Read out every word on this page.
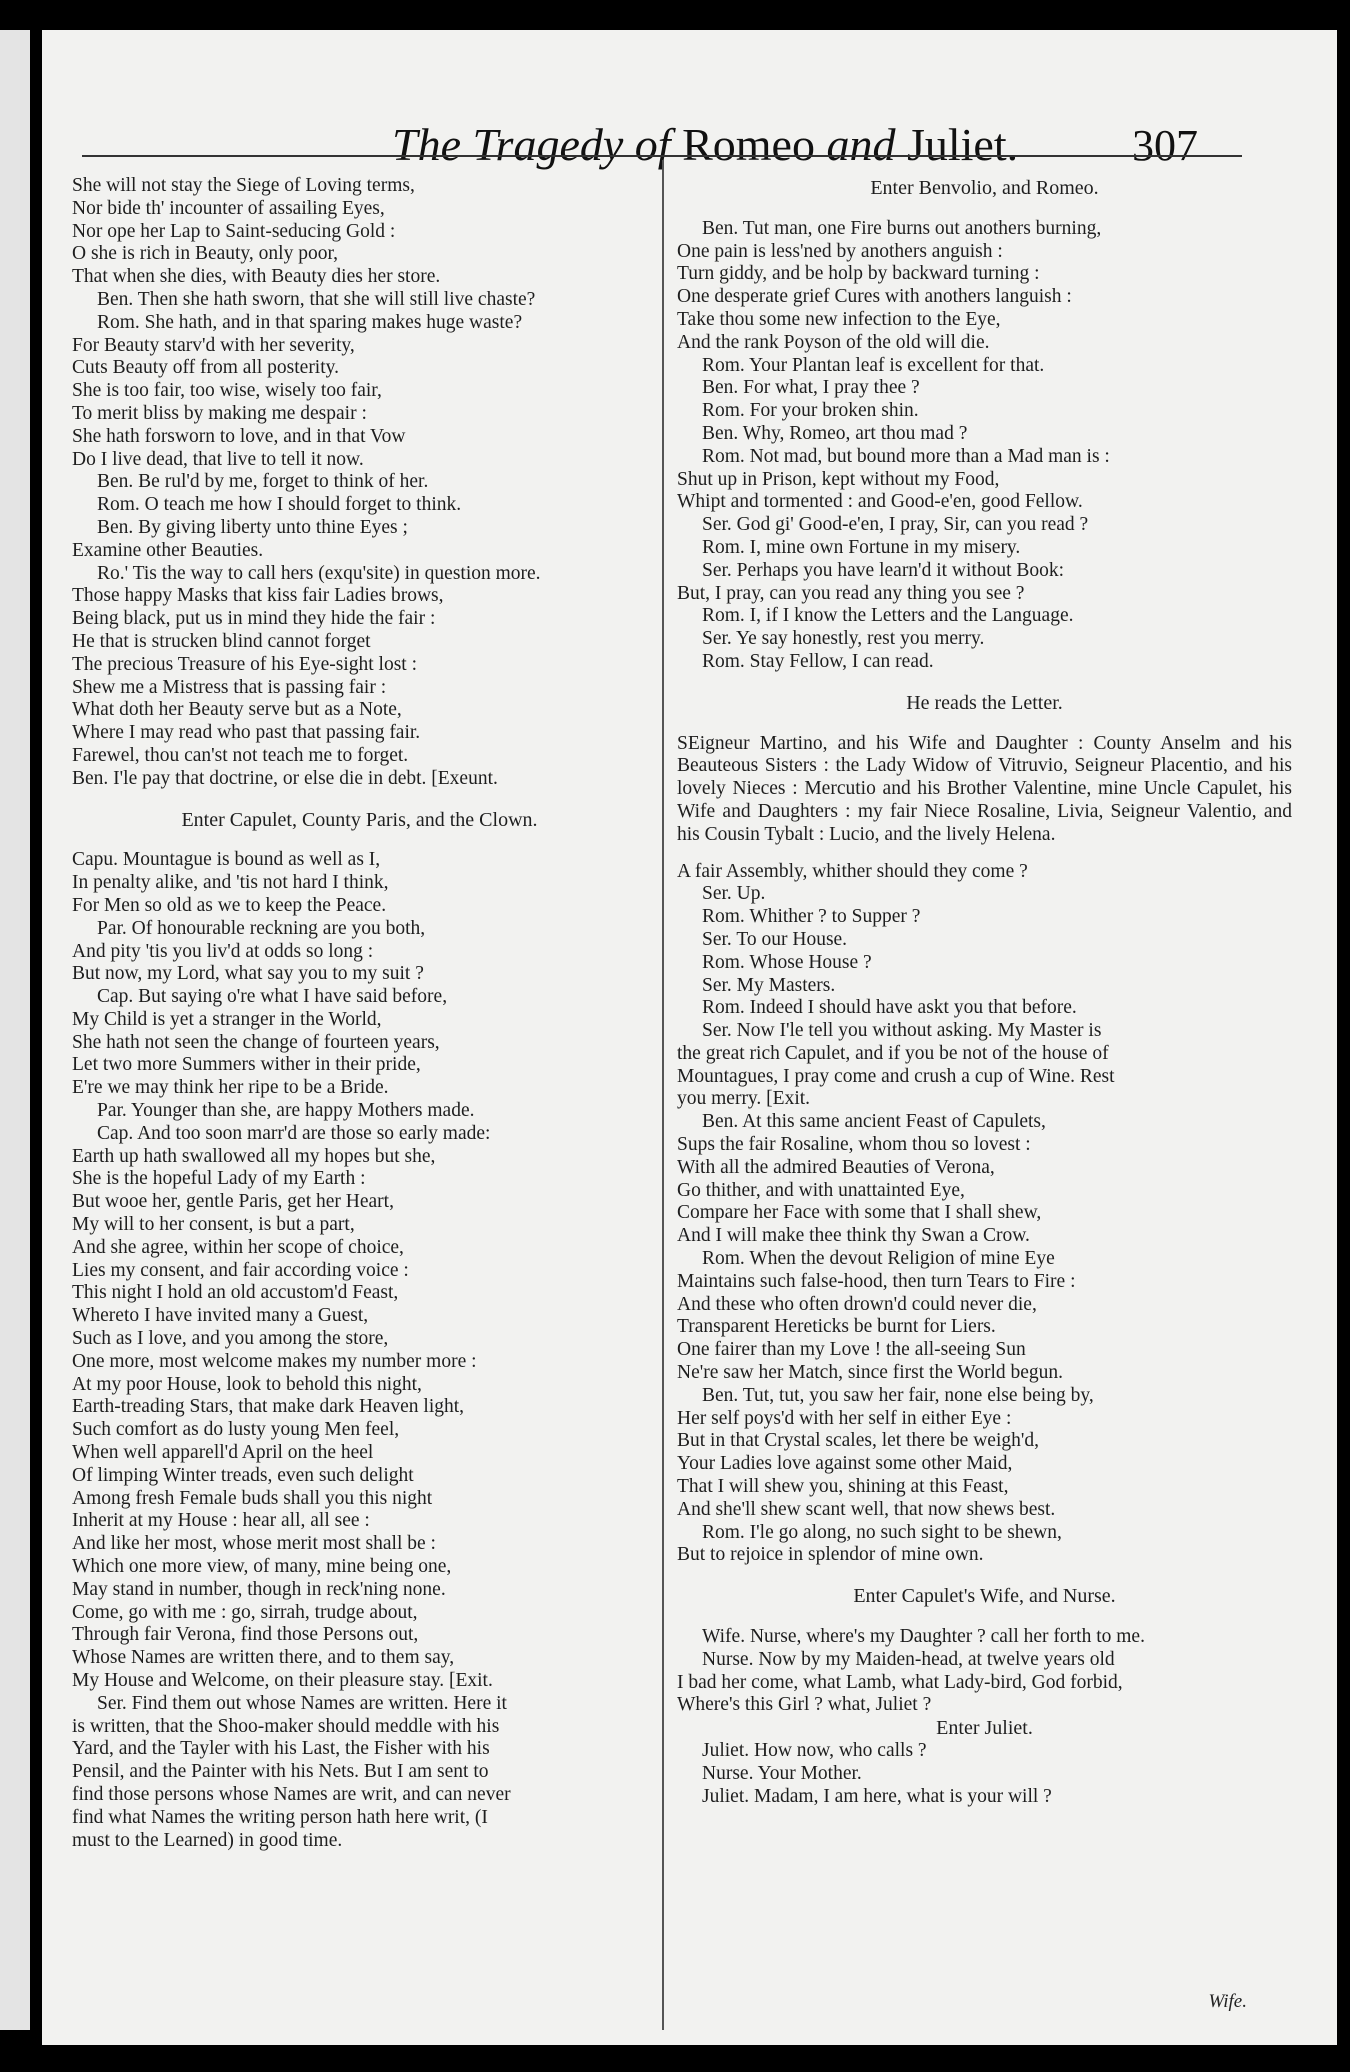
The Tragedy of Romeo and Juliet.	307
She will not stay the Siege of Loving terms,
Nor bide th' incounter of assailing Eyes,
Nor ope her Lap to Saint-seducing Gold :
O she is rich in Beauty, only poor,
That when she dies, with Beauty dies her store.
Ben. Then she hath sworn, that she will still live chaste?
Rom. She hath, and in that sparing makes huge waste?
For Beauty starv'd with her severity,
Cuts Beauty off from all posterity.
She is too fair, too wise, wisely too fair,
To merit bliss by making me despair :
She hath forsworn to love, and in that Vow
Do I live dead, that live to tell it now.
Ben. Be rul'd by me, forget to think of her.
Rom. O teach me how I should forget to think.
Ben. By giving liberty unto thine Eyes ;
Examine other Beauties.
Ro.' Tis the way to call hers (exqu'site) in question more.
Those happy Masks that kiss fair Ladies brows,
Being black, put us in mind they hide the fair :
He that is strucken blind cannot forget
The precious Treasure of his Eye-sight lost :
Shew me a Mistress that is passing fair :
What doth her Beauty serve but as a Note,
Where I may read who past that passing fair.
Farewel, thou can'st not teach me to forget.
Ben. I'le pay that doctrine, or else die in debt. [Exeunt.
Enter Capulet, County Paris, and the Clown.
Capu. Mountague is bound as well as I,
In penalty alike, and 'tis not hard I think,
For Men so old as we to keep the Peace.
Par. Of honourable reckning are you both,
And pity 'tis you liv'd at odds so long :
But now, my Lord, what say you to my suit ?
Cap. But saying o're what I have said before,
My Child is yet a stranger in the World,
She hath not seen the change of fourteen years,
Let two more Summers wither in their pride,
E're we may think her ripe to be a Bride.
Par. Younger than she, are happy Mothers made.
Cap. And too soon marr'd are those so early made:
Earth up hath swallowed all my hopes but she,
She is the hopeful Lady of my Earth :
But wooe her, gentle Paris, get her Heart,
My will to her consent, is but a part,
And she agree, within her scope of choice,
Lies my consent, and fair according voice :
This night I hold an old accustom'd Feast,
Whereto I have invited many a Guest,
Such as I love, and you among the store,
One more, most welcome makes my number more :
At my poor House, look to behold this night,
Earth-treading Stars, that make dark Heaven light,
Such comfort as do lusty young Men feel,
When well apparell'd April on the heel
Of limping Winter treads, even such delight
Among fresh Female buds shall you this night
Inherit at my House : hear all, all see :
And like her most, whose merit most shall be :
Which one more view, of many, mine being one,
May stand in number, though in reck'ning none.
Come, go with me : go, sirrah, trudge about,
Through fair Verona, find those Persons out,
Whose Names are written there, and to them say,
My House and Welcome, on their pleasure stay. [Exit.
Ser. Find them out whose Names are written. Here it
is written, that the Shoo-maker should meddle with his
Yard, and the Tayler with his Last, the Fisher with his
Pensil, and the Painter with his Nets. But I am sent to
find those persons whose Names are writ, and can never
find what Names the writing person hath here writ, (I
must to the Learned) in good time.
Enter Benvolio, and Romeo.
Ben. Tut man, one Fire burns out anothers burning,
One pain is less'ned by anothers anguish :
Turn giddy, and be holp by backward turning :
One desperate grief Cures with anothers languish :
Take thou some new infection to the Eye,
And the rank Poyson of the old will die.
Rom. Your Plantan leaf is excellent for that.
Ben. For what, I pray thee ?
Rom. For your broken shin.
Ben. Why, Romeo, art thou mad ?
Rom. Not mad, but bound more than a Mad man is :
Shut up in Prison, kept without my Food,
Whipt and tormented : and Good-e'en, good Fellow.
Ser. God gi' Good-e'en, I pray, Sir, can you read ?
Rom. I, mine own Fortune in my misery.
Ser. Perhaps you have learn'd it without Book:
But, I pray, can you read any thing you see ?
Rom. I, if I know the Letters and the Language.
Ser. Ye say honestly, rest you merry.
Rom. Stay Fellow, I can read.
He reads the Letter.
SEigneur Martino, and his Wife and Daughter : County Anselm and his Beauteous Sisters : the Lady Widow of Vitruvio, Seigneur Placentio, and his lovely Nieces : Mercutio and his Brother Valentine, mine Uncle Capulet, his Wife and Daughters : my fair Niece Rosaline, Livia, Seigneur Valentio, and his Cousin Tybalt : Lucio, and the lively Helena.
A fair Assembly, whither should they come ?
Ser. Up.
Rom. Whither ? to Supper ?
Ser. To our House.
Rom. Whose House ?
Ser. My Masters.
Rom. Indeed I should have askt you that before.
Ser. Now I'le tell you without asking. My Master is
the great rich Capulet, and if you be not of the house of
Mountagues, I pray come and crush a cup of Wine. Rest
you merry. [Exit.
Ben. At this same ancient Feast of Capulets,
Sups the fair Rosaline, whom thou so lovest :
With all the admired Beauties of Verona,
Go thither, and with unattainted Eye,
Compare her Face with some that I shall shew,
And I will make thee think thy Swan a Crow.
Rom. When the devout Religion of mine Eye
Maintains such false-hood, then turn Tears to Fire :
And these who often drown'd could never die,
Transparent Hereticks be burnt for Liers.
One fairer than my Love ! the all-seeing Sun
Ne're saw her Match, since first the World begun.
Ben. Tut, tut, you saw her fair, none else being by,
Her self poys'd with her self in either Eye :
But in that Crystal scales, let there be weigh'd,
Your Ladies love against some other Maid,
That I will shew you, shining at this Feast,
And she'll shew scant well, that now shews best.
Rom. I'le go along, no such sight to be shewn,
But to rejoice in splendor of mine own.
Enter Capulet's Wife, and Nurse.
Wife. Nurse, where's my Daughter ? call her forth to me.
Nurse. Now by my Maiden-head, at twelve years old
I bad her come, what Lamb, what Lady-bird, God forbid,
Where's this Girl ? what, Juliet ?
Enter Juliet.
Juliet. How now, who calls ?
Nurse. Your Mother.
Juliet. Madam, I am here, what is your will ?
Wife.
